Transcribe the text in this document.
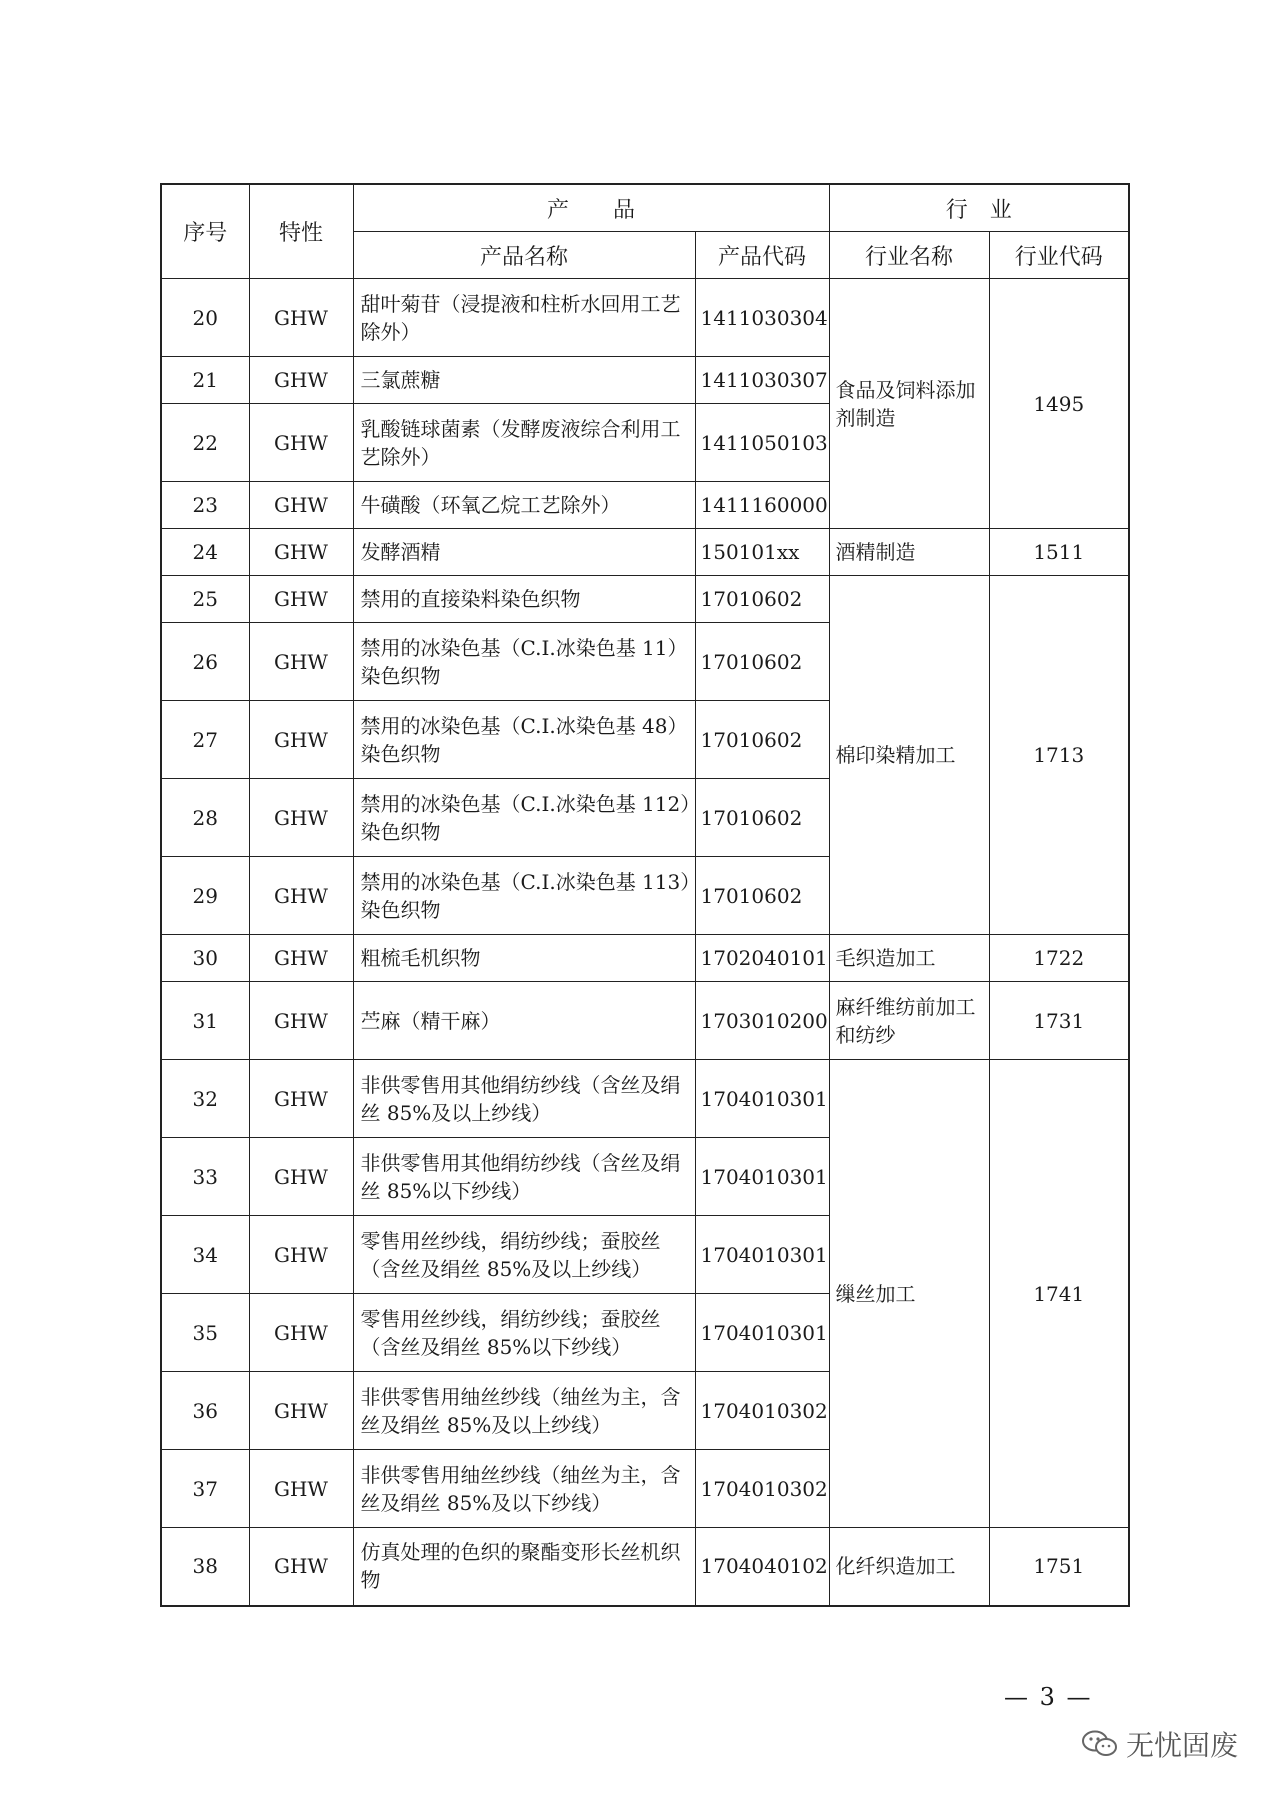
序号	特性	产　　品		行　业	
		产品名称	产品代码	行业名称	行业代码
20	GHW	甜叶菊苷（浸提液和柱析水回用工艺除外）	1411030304	食品及饲料添加剂制造	1495
21	GHW	三氯蔗糖	1411030307		
22	GHW	乳酸链球菌素（发酵废液综合利用工艺除外）	1411050103		
23	GHW	牛磺酸（环氧乙烷工艺除外）	1411160000		
24	GHW	发酵酒精	150101xx	酒精制造	1511
25	GHW	禁用的直接染料染色织物	17010602	棉印染精加工	1713
26	GHW	禁用的冰染色基（C.I.冰染色基 11）染色织物	17010602		
27	GHW	禁用的冰染色基（C.I.冰染色基 48）染色织物	17010602		
28	GHW	禁用的冰染色基（C.I.冰染色基 112）染色织物	17010602		
29	GHW	禁用的冰染色基（C.I.冰染色基 113）染色织物	17010602		
30	GHW	粗梳毛机织物	1702040101	毛织造加工	1722
31	GHW	苎麻（精干麻）	1703010200	麻纤维纺前加工和纺纱	1731
32	GHW	非供零售用其他绢纺纱线（含丝及绢丝 85%及以上纱线）	1704010301	缫丝加工	1741
33	GHW	非供零售用其他绢纺纱线（含丝及绢丝 85%以下纱线）	1704010301		
34	GHW	零售用丝纱线，绢纺纱线；蚕胶丝（含丝及绢丝 85%及以上纱线）	1704010301		
35	GHW	零售用丝纱线，绢纺纱线；蚕胶丝（含丝及绢丝 85%以下纱线）	1704010301		
36	GHW	非供零售用䌷丝纱线（䌷丝为主，含丝及绢丝 85%及以上纱线）	1704010302		
37	GHW	非供零售用䌷丝纱线（䌷丝为主，含丝及绢丝 85%及以下纱线）	1704010302		
38	GHW	仿真处理的色织的聚酯变形长丝机织物	1704040102	化纤织造加工	1751
— 3 —
无忧固废
